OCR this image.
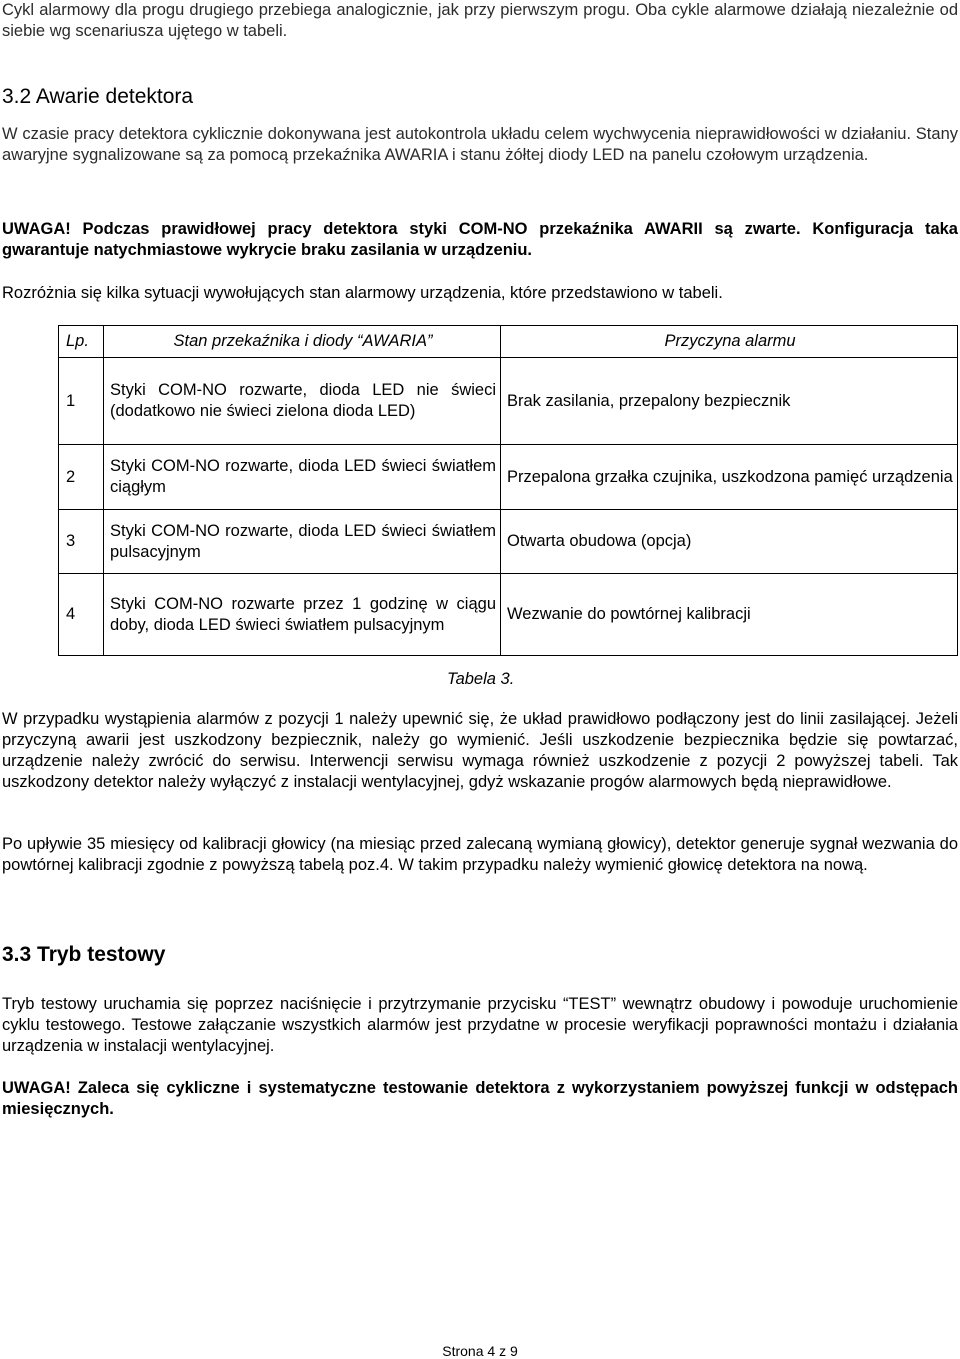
Cykl alarmowy dla progu drugiego przebiega analogicznie, jak przy pierwszym progu. Oba cykle alarmowe działają niezależnie od siebie wg scenariusza ujętego w tabeli.

3.2 Awarie detektora

W czasie pracy detektora cyklicznie dokonywana jest autokontrola układu celem wychwycenia nieprawidłowości w działaniu. Stany awaryjne sygnalizowane są za pomocą przekaźnika AWARIA i stanu żółtej diody LED na panelu czołowym urządzenia.

UWAGA! Podczas prawidłowej pracy detektora styki COM-NO przekaźnika AWARII są zwarte. Konfiguracja taka gwarantuje natychmiastowe wykrycie braku zasilania w urządzeniu.

Rozróżnia się kilka sytuacji wywołujących stan alarmowy urządzenia, które przedstawiono w tabeli.

Lp.	Stan przekaźnika i diody “AWARIA”	Przyczyna alarmu
1	Styki COM-NO rozwarte, dioda LED nie świeci (dodatkowo nie świeci zielona dioda LED)	Brak zasilania, przepalony bezpiecznik
2	Styki COM-NO rozwarte, dioda LED świeci światłem ciągłym	Przepalona grzałka czujnika, uszkodzona pamięć urządzenia
3	Styki COM-NO rozwarte, dioda LED świeci światłem pulsacyjnym	Otwarta obudowa (opcja)
4	Styki COM-NO rozwarte przez 1 godzinę w ciągu doby, dioda LED świeci światłem pulsacyjnym	Wezwanie do powtórnej kalibracji
Tabela 3.

W przypadku wystąpienia alarmów z pozycji 1 należy upewnić się, że układ prawidłowo podłączony jest do linii zasilającej. Jeżeli przyczyną awarii jest uszkodzony bezpiecznik, należy go wymienić. Jeśli uszkodzenie bezpiecznika będzie się powtarzać, urządzenie należy zwrócić do serwisu. Interwencji serwisu wymaga również uszkodzenie z pozycji 2 powyższej tabeli. Tak uszkodzony detektor należy wyłączyć z instalacji wentylacyjnej, gdyż wskazanie progów alarmowych będą nieprawidłowe.

Po upływie 35 miesięcy od kalibracji głowicy (na miesiąc przed zalecaną wymianą głowicy), detektor generuje sygnał wezwania do powtórnej kalibracji zgodnie z powyższą tabelą poz.4. W takim przypadku należy wymienić głowicę detektora na nową.

3.3 Tryb testowy

Tryb testowy uruchamia się poprzez naciśnięcie i przytrzymanie przycisku “TEST” wewnątrz obudowy i powoduje uruchomienie cyklu testowego. Testowe załączanie wszystkich alarmów jest przydatne w procesie weryfikacji poprawności montażu i działania urządzenia w instalacji wentylacyjnej.

UWAGA! Zaleca się cykliczne i systematyczne testowanie detektora z wykorzystaniem powyższej funkcji w odstępach miesięcznych.

Strona 4 z 9
